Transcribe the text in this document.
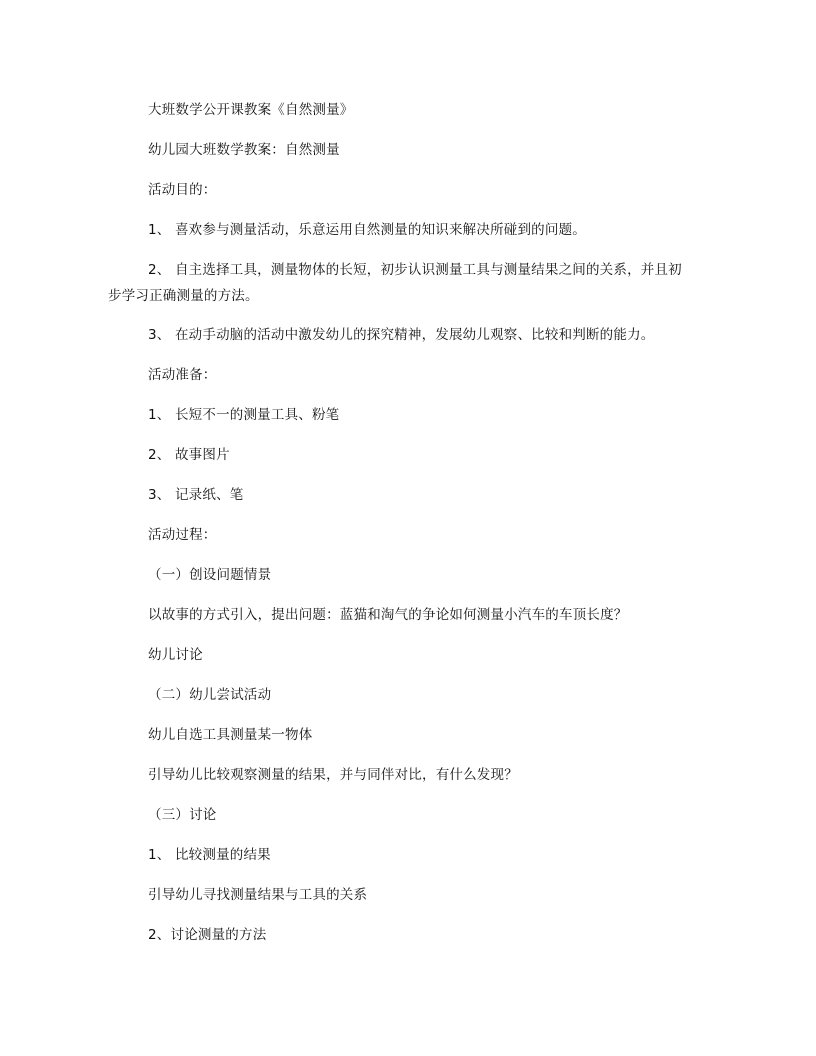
大班数学公开课教案《自然测量》
幼儿园大班数学教案：自然测量
活动目的：
1、 喜欢参与测量活动，乐意运用自然测量的知识来解决所碰到的问题。
2、 自主选择工具，测量物体的长短，初步认识测量工具与测量结果之间的关系，并且初
步学习正确测量的方法。
3、 在动手动脑的活动中激发幼儿的探究精神，发展幼儿观察、比较和判断的能力。
活动准备：
1、 长短不一的测量工具、粉笔
2、 故事图片
3、 记录纸、笔
活动过程：
（一）创设问题情景
以故事的方式引入，提出问题：蓝猫和淘气的争论如何测量小汽车的车顶长度？
幼儿讨论
（二）幼儿尝试活动
幼儿自选工具测量某一物体
引导幼儿比较观察测量的结果，并与同伴对比，有什么发现？
（三）讨论
1、 比较测量的结果
引导幼儿寻找测量结果与工具的关系
2、讨论测量的方法
